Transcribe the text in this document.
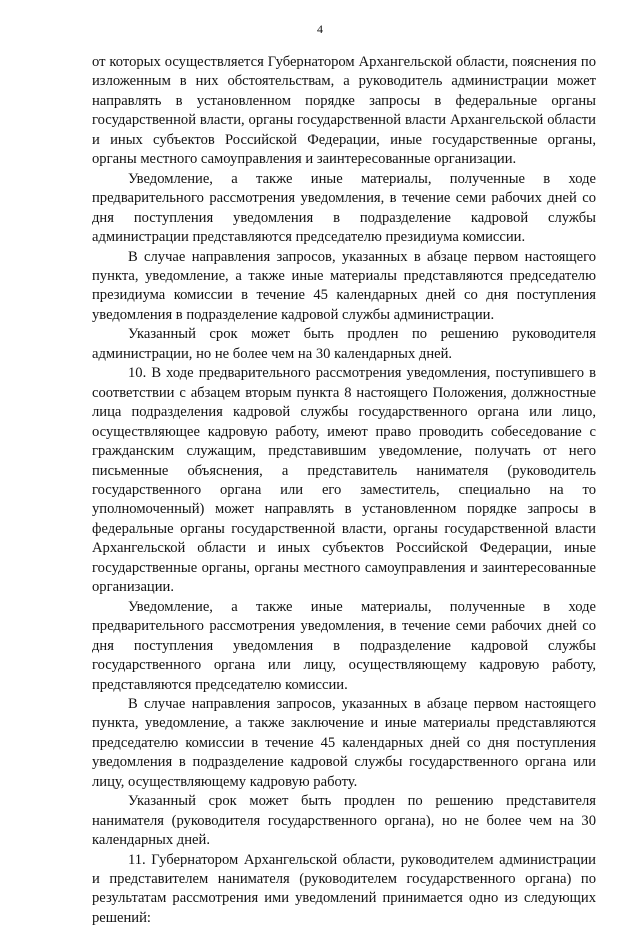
4

от которых осуществляется Губернатором Архангельской области, пояснения по изложенным в них обстоятельствам, а руководитель администрации может направлять в установленном порядке запросы в федеральные органы государственной власти, органы государственной власти Архангельской области и иных субъектов Российской Федерации, иные государственные органы, органы местного самоуправления и заинтересованные организации.

Уведомление, а также иные материалы, полученные в ходе предварительного рассмотрения уведомления, в течение семи рабочих дней со дня поступления уведомления в подразделение кадровой службы администрации представляются председателю президиума комиссии.

В случае направления запросов, указанных в абзаце первом настоящего пункта, уведомление, а также иные материалы представляются председателю президиума комиссии в течение 45 календарных дней со дня поступления уведомления в подразделение кадровой службы администрации.

Указанный срок может быть продлен по решению руководителя администрации, но не более чем на 30 календарных дней.

10. В ходе предварительного рассмотрения уведомления, поступившего в соответствии с абзацем вторым пункта 8 настоящего Положения, должностные лица подразделения кадровой службы государственного органа или лицо, осуществляющее кадровую работу, имеют право проводить собеседование с гражданским служащим, представившим уведомление, получать от него письменные объяснения, а представитель нанимателя (руководитель государственного органа или его заместитель, специально на то уполномоченный) может направлять в установленном порядке запросы в федеральные органы государственной власти, органы государственной власти Архангельской области и иных субъектов Российской Федерации, иные государственные органы, органы местного самоуправления и заинтересованные организации.

Уведомление, а также иные материалы, полученные в ходе предварительного рассмотрения уведомления, в течение семи рабочих дней со дня поступления уведомления в подразделение кадровой службы государственного органа или лицу, осуществляющему кадровую работу, представляются председателю комиссии.

В случае направления запросов, указанных в абзаце первом настоящего пункта, уведомление, а также заключение и иные материалы представляются председателю комиссии в течение 45 календарных дней со дня поступления уведомления в подразделение кадровой службы государственного органа или лицу, осуществляющему кадровую работу.

Указанный срок может быть продлен по решению представителя нанимателя (руководителя государственного органа), но не более чем на 30 календарных дней.

11. Губернатором Архангельской области, руководителем администрации и представителем нанимателя (руководителем государственного органа) по результатам рассмотрения ими уведомлений принимается одно из следующих решений:
